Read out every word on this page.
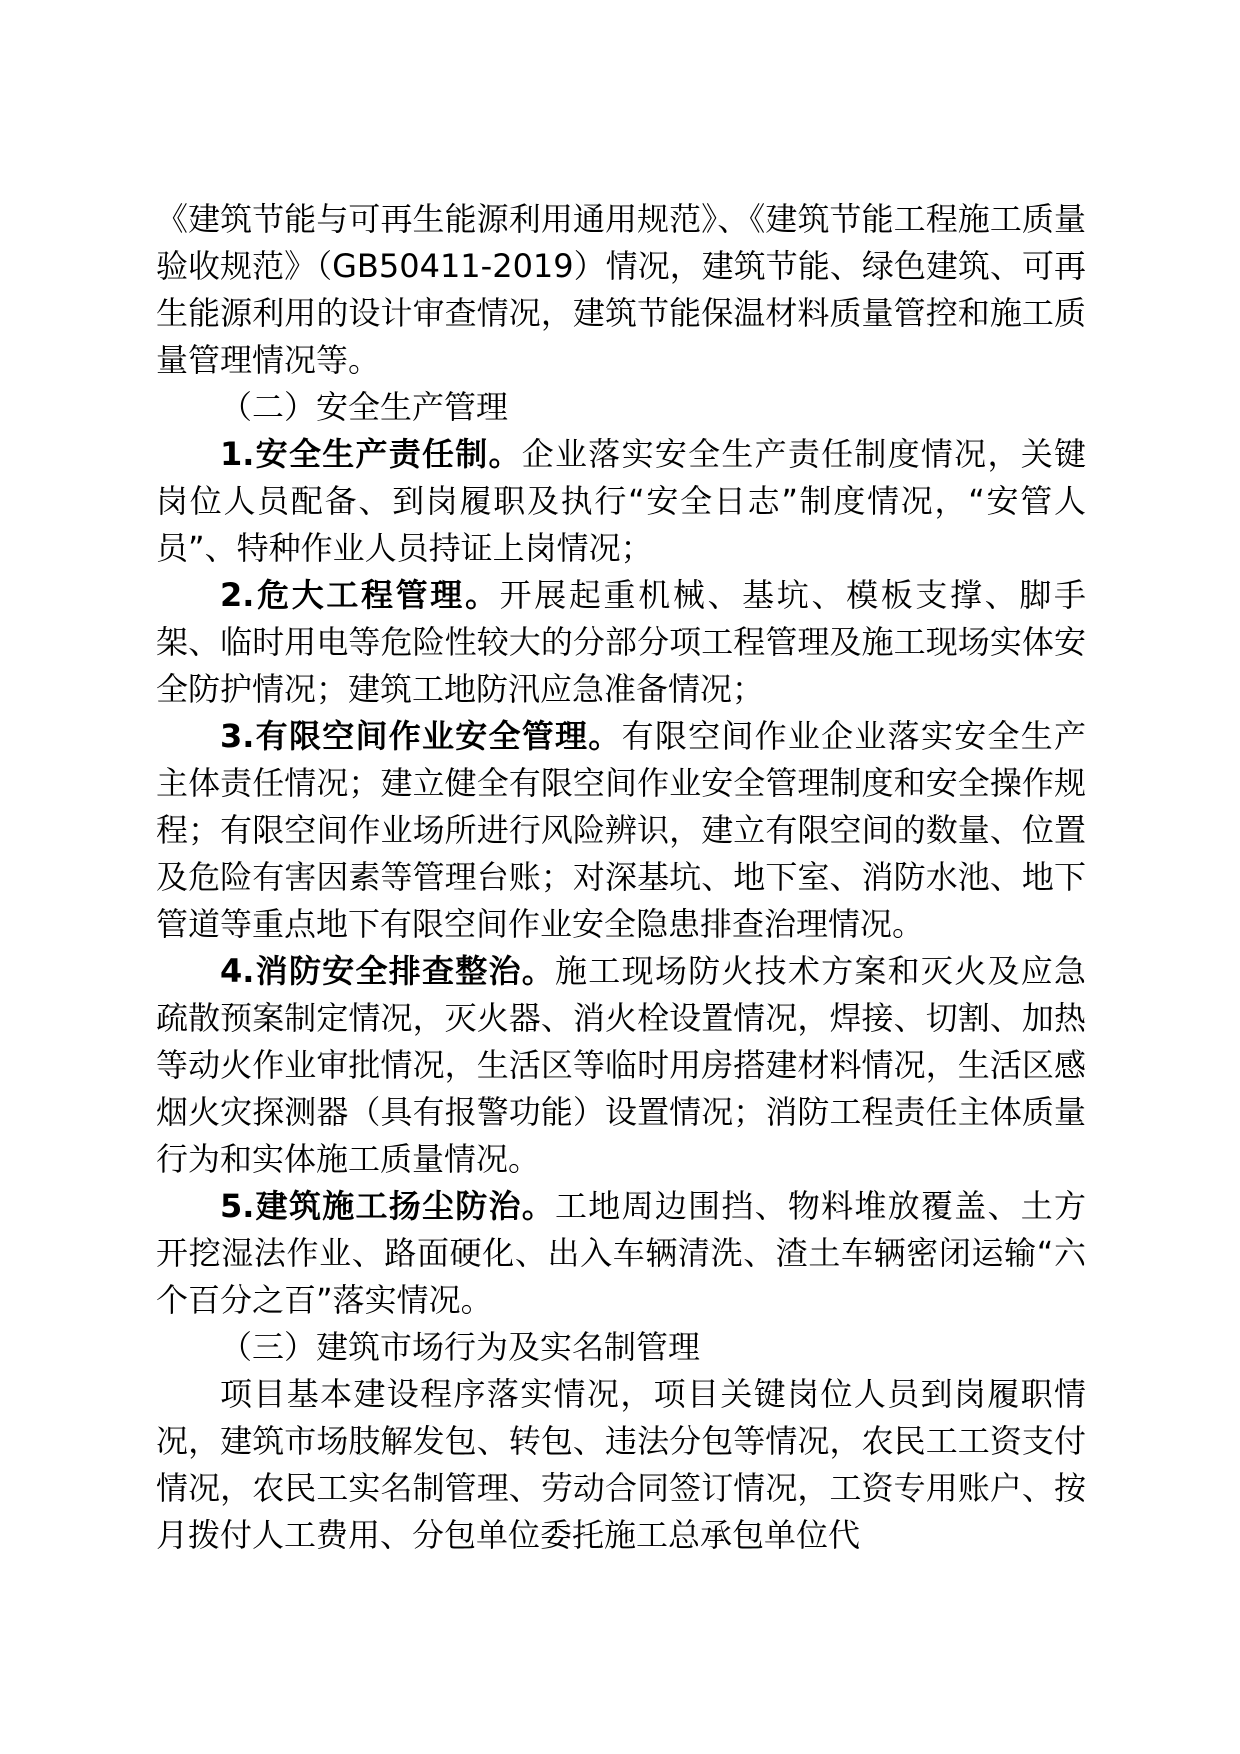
《建筑节能与可再生能源利用通用规范》、《建筑节能工程施工质量验收规范》（GB50411-2019）情况，建筑节能、绿色建筑、可再生能源利用的设计审查情况，建筑节能保温材料质量管控和施工质量管理情况等。

（二）安全生产管理

1.安全生产责任制。企业落实安全生产责任制度情况，关键岗位人员配备、到岗履职及执行“安全日志”制度情况，“安管人员”、特种作业人员持证上岗情况；

2.危大工程管理。开展起重机械、基坑、模板支撑、脚手架、临时用电等危险性较大的分部分项工程管理及施工现场实体安全防护情况；建筑工地防汛应急准备情况；

3.有限空间作业安全管理。有限空间作业企业落实安全生产主体责任情况；建立健全有限空间作业安全管理制度和安全操作规程；有限空间作业场所进行风险辨识，建立有限空间的数量、位置及危险有害因素等管理台账；对深基坑、地下室、消防水池、地下管道等重点地下有限空间作业安全隐患排查治理情况。

4.消防安全排查整治。施工现场防火技术方案和灭火及应急疏散预案制定情况，灭火器、消火栓设置情况，焊接、切割、加热等动火作业审批情况，生活区等临时用房搭建材料情况，生活区感烟火灾探测器（具有报警功能）设置情况；消防工程责任主体质量行为和实体施工质量情况。

5.建筑施工扬尘防治。工地周边围挡、物料堆放覆盖、土方开挖湿法作业、路面硬化、出入车辆清洗、渣土车辆密闭运输“六个百分之百”落实情况。

（三）建筑市场行为及实名制管理

项目基本建设程序落实情况，项目关键岗位人员到岗履职情况，建筑市场肢解发包、转包、违法分包等情况，农民工工资支付情况，农民工实名制管理、劳动合同签订情况，工资专用账户、按月拨付人工费用、分包单位委托施工总承包单位代
